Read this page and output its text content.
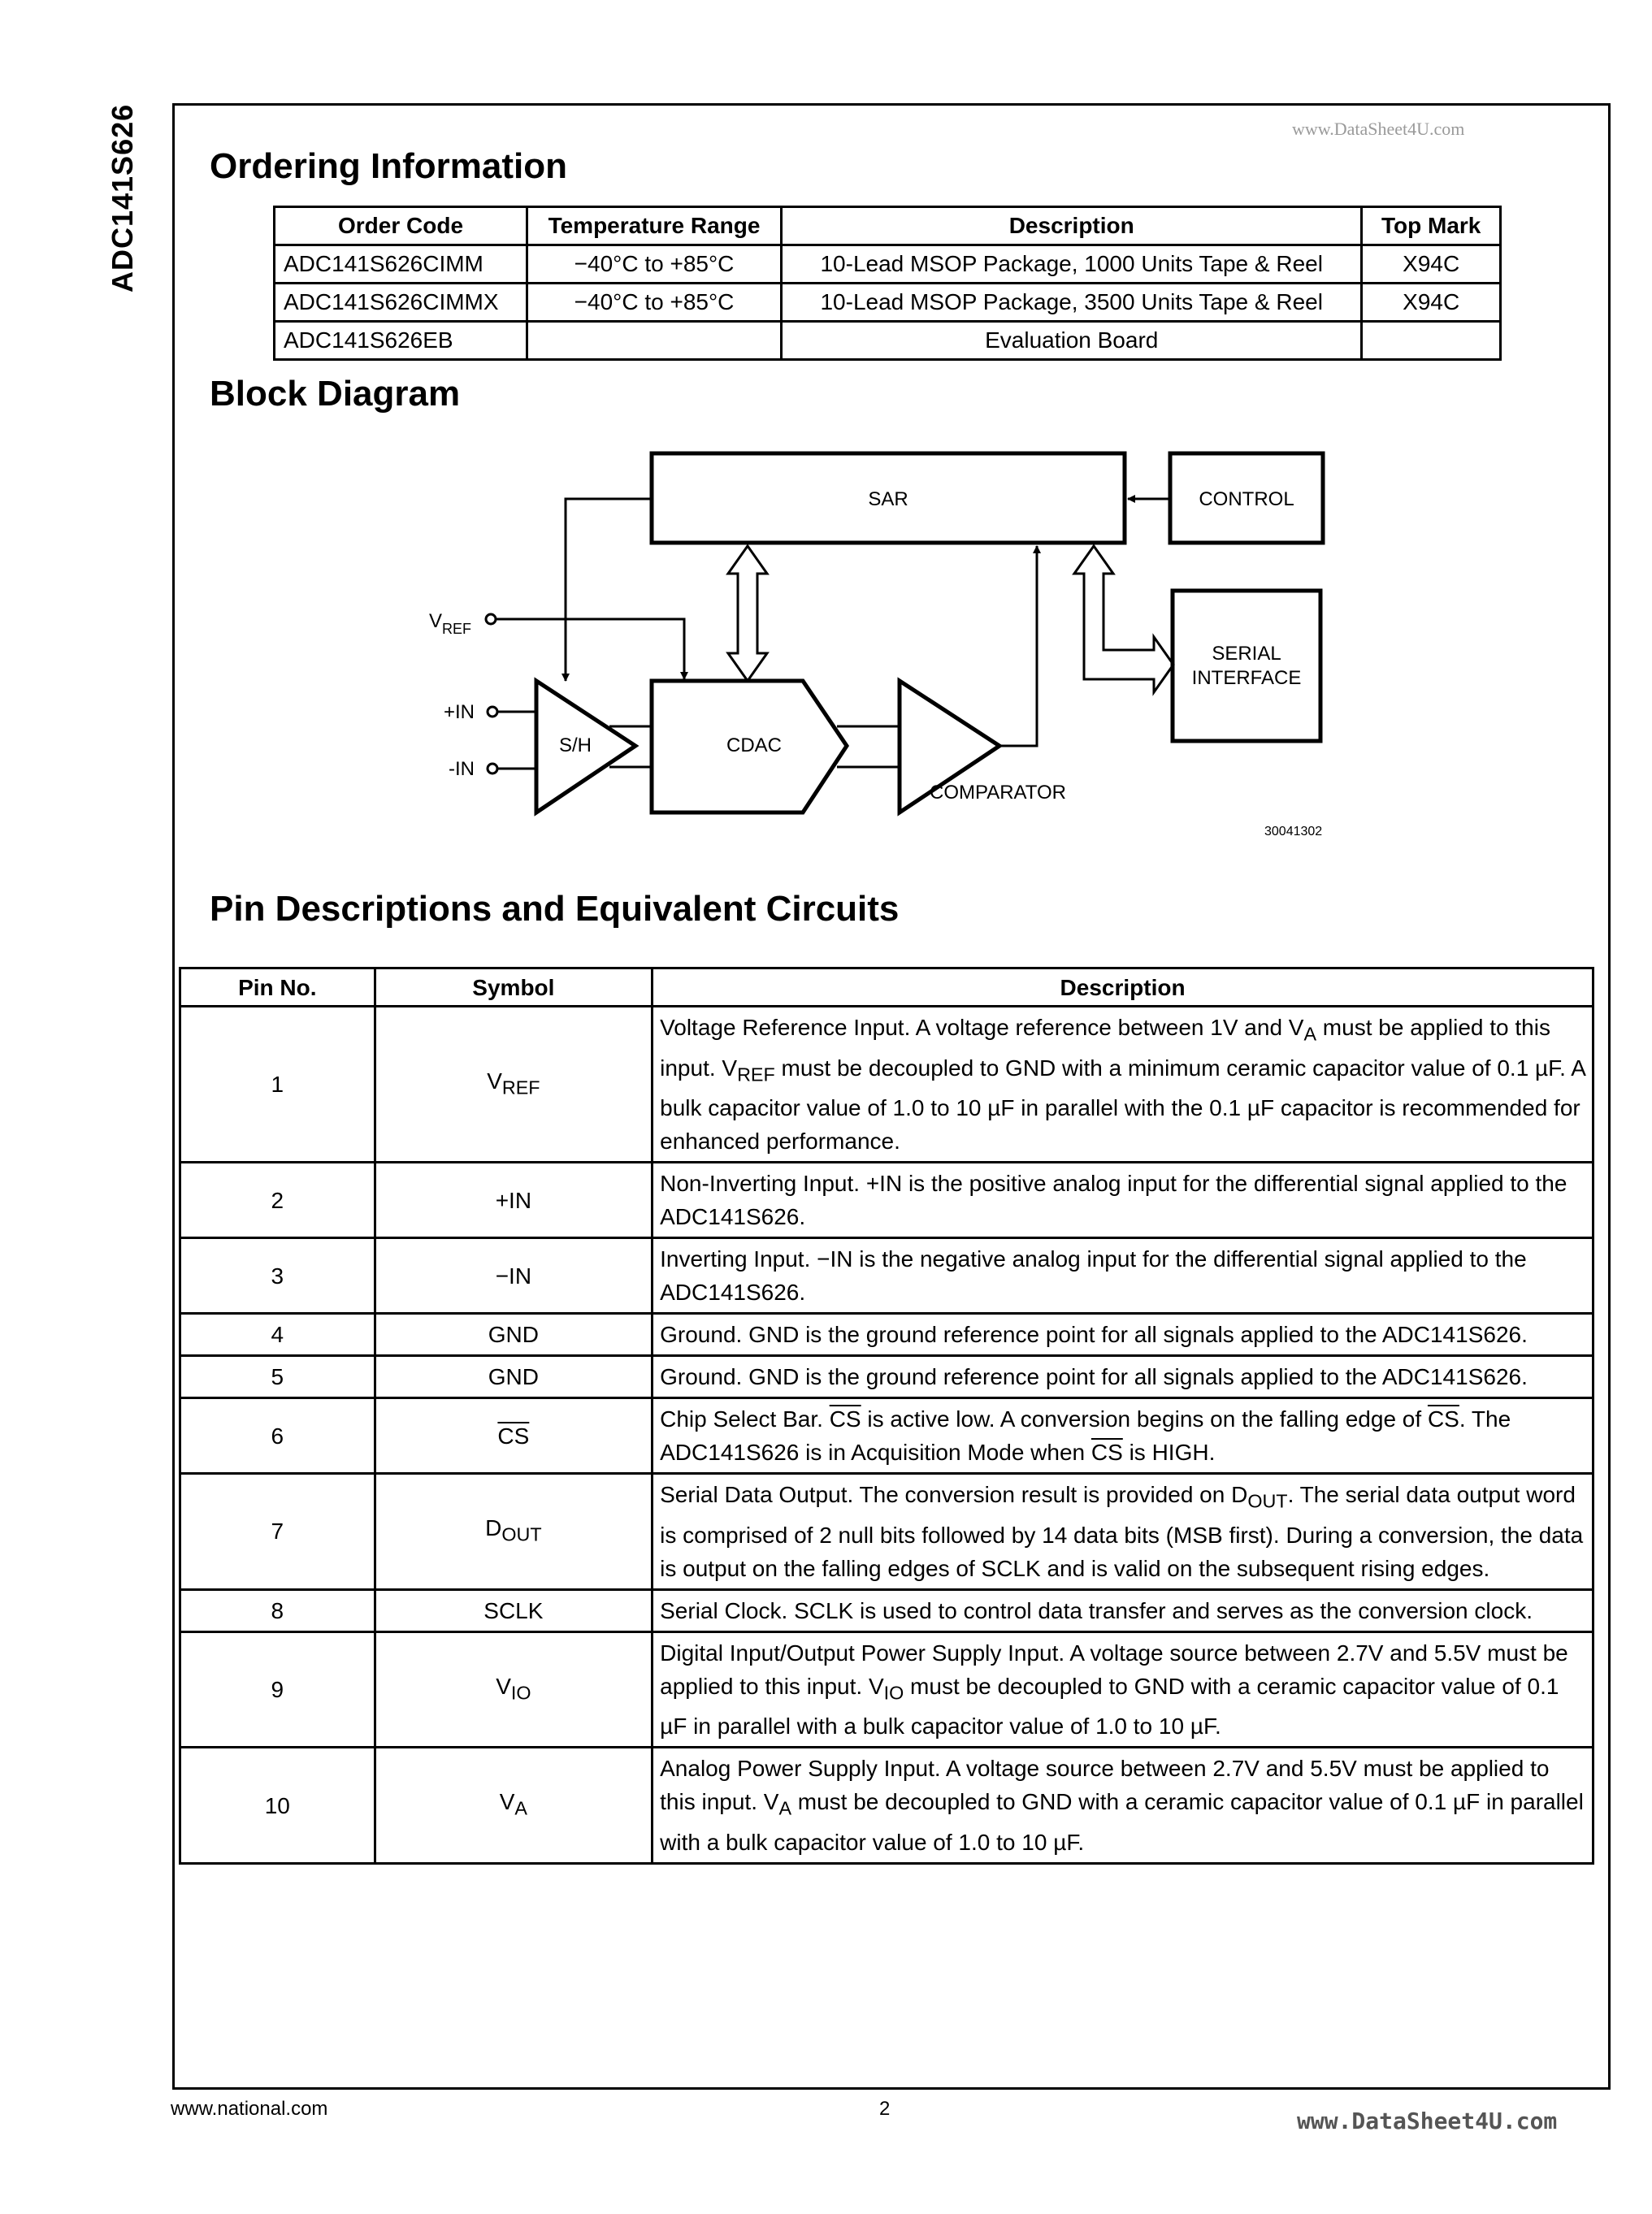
ADC141S626	www.DataSheet4U.com
Ordering Information
Order Code	Temperature Range	Description	Top Mark
ADC141S626CIMM	−40°C to +85°C	10-Lead MSOP Package, 1000 Units Tape & Reel	X94C
ADC141S626CIMMX	−40°C to +85°C	10-Lead MSOP Package, 3500 Units Tape & Reel	X94C
ADC141S626EB		Evaluation Board	
Block Diagram
SAR	CONTROL
SERIAL
INTERFACE
$V_{REF}$
+IN
-IN
S/H	CDAC
COMPARATOR
30041302
Pin Descriptions and Equivalent Circuits
Pin No.	Symbol	Description
1	$V_{REF}$	Voltage Reference Input. A voltage reference between 1V and $V_A$ must be applied to this input. $V_{REF}$ must be decoupled to GND with a minimum ceramic capacitor value of 0.1 µF. A bulk capacitor value of 1.0 to 10 µF in parallel with the 0.1 µF capacitor is recommended for enhanced performance.
2	+IN	Non-Inverting Input. +IN is the positive analog input for the differential signal applied to the ADC141S626.
3	−IN	Inverting Input. −IN is the negative analog input for the differential signal applied to the ADC141S626.
4	GND	Ground. GND is the ground reference point for all signals applied to the ADC141S626.
5	GND	Ground. GND is the ground reference point for all signals applied to the ADC141S626.
6	$\overline{CS}$	Chip Select Bar. $\overline{CS}$ is active low. A conversion begins on the falling edge of $\overline{CS}$. The ADC141S626 is in Acquisition Mode when $\overline{CS}$ is HIGH.
7	$D_{OUT}$	Serial Data Output. The conversion result is provided on $D_{OUT}$. The serial data output word is comprised of 2 null bits followed by 14 data bits (MSB first). During a conversion, the data is output on the falling edges of SCLK and is valid on the subsequent rising edges.
8	SCLK	Serial Clock. SCLK is used to control data transfer and serves as the conversion clock.
9	$V_{IO}$	Digital Input/Output Power Supply Input. A voltage source between 2.7V and 5.5V must be applied to this input. $V_{IO}$ must be decoupled to GND with a ceramic capacitor value of 0.1 µF in parallel with a bulk capacitor value of 1.0 to 10 µF.
10	$V_A$	Analog Power Supply Input. A voltage source between 2.7V and 5.5V must be applied to this input. $V_A$ must be decoupled to GND with a ceramic capacitor value of 0.1 µF in parallel with a bulk capacitor value of 1.0 to 10 µF.
www.national.com	2	www.DataSheet4U.com
